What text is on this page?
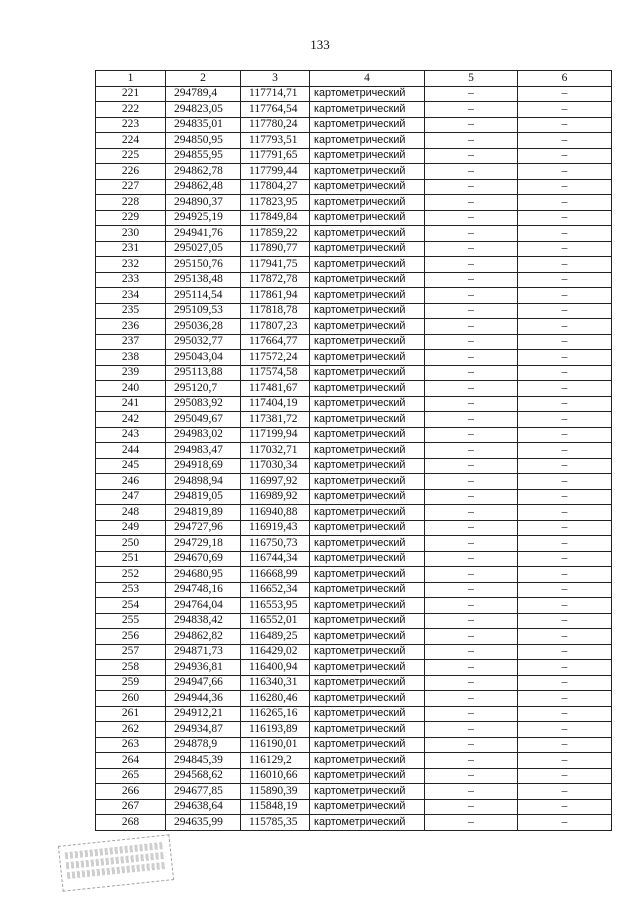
133
1	2	3	4	5	6
221	294789,4	117714,71	картометрический	–	–
222	294823,05	117764,54	картометрический	–	–
223	294835,01	117780,24	картометрический	–	–
224	294850,95	117793,51	картометрический	–	–
225	294855,95	117791,65	картометрический	–	–
226	294862,78	117799,44	картометрический	–	–
227	294862,48	117804,27	картометрический	–	–
228	294890,37	117823,95	картометрический	–	–
229	294925,19	117849,84	картометрический	–	–
230	294941,76	117859,22	картометрический	–	–
231	295027,05	117890,77	картометрический	–	–
232	295150,76	117941,75	картометрический	–	–
233	295138,48	117872,78	картометрический	–	–
234	295114,54	117861,94	картометрический	–	–
235	295109,53	117818,78	картометрический	–	–
236	295036,28	117807,23	картометрический	–	–
237	295032,77	117664,77	картометрический	–	–
238	295043,04	117572,24	картометрический	–	–
239	295113,88	117574,58	картометрический	–	–
240	295120,7	117481,67	картометрический	–	–
241	295083,92	117404,19	картометрический	–	–
242	295049,67	117381,72	картометрический	–	–
243	294983,02	117199,94	картометрический	–	–
244	294983,47	117032,71	картометрический	–	–
245	294918,69	117030,34	картометрический	–	–
246	294898,94	116997,92	картометрический	–	–
247	294819,05	116989,92	картометрический	–	–
248	294819,89	116940,88	картометрический	–	–
249	294727,96	116919,43	картометрический	–	–
250	294729,18	116750,73	картометрический	–	–
251	294670,69	116744,34	картометрический	–	–
252	294680,95	116668,99	картометрический	–	–
253	294748,16	116652,34	картометрический	–	–
254	294764,04	116553,95	картометрический	–	–
255	294838,42	116552,01	картометрический	–	–
256	294862,82	116489,25	картометрический	–	–
257	294871,73	116429,02	картометрический	–	–
258	294936,81	116400,94	картометрический	–	–
259	294947,66	116340,31	картометрический	–	–
260	294944,36	116280,46	картометрический	–	–
261	294912,21	116265,16	картометрический	–	–
262	294934,87	116193,89	картометрический	–	–
263	294878,9	116190,01	картометрический	–	–
264	294845,39	116129,2	картометрический	–	–
265	294568,62	116010,66	картометрический	–	–
266	294677,85	115890,39	картометрический	–	–
267	294638,64	115848,19	картометрический	–	–
268	294635,99	115785,35	картометрический	–	–
